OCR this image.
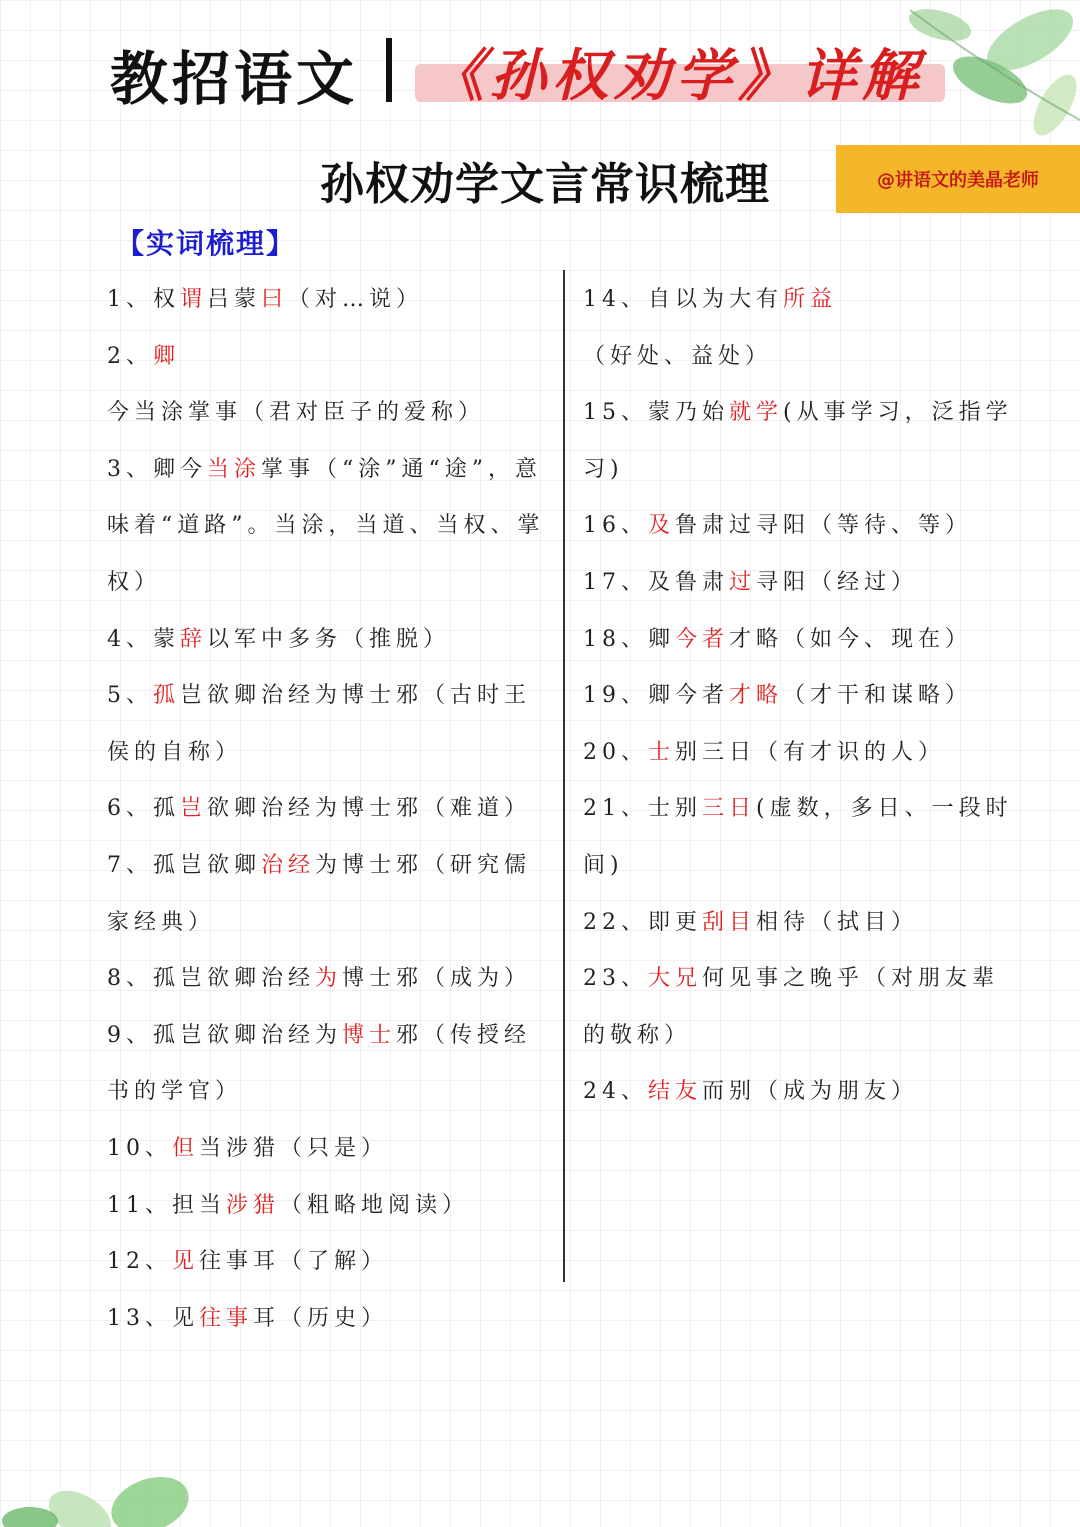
教招语文 《孙权劝学》详解
孙权劝学文言常识梳理	@讲语文的美晶老师
【实词梳理】

1、权谓吕蒙曰（对…说）

2、卿今当涂掌事（君对臣子的爱称）

3、卿今当涂掌事（“涂”通“途”，意味着“道路”。当涂，当道、当权、掌权）

4、蒙辞以军中多务（推脱）

5、孤岂欲卿治经为博士邪（古时王侯的自称）

6、孤岂欲卿治经为博士邪（难道）

7、孤岂欲卿治经为博士邪（研究儒家经典）

8、孤岂欲卿治经为博士邪（成为）

9、孤岂欲卿治经为博士邪（传授经书的学官）

10、但当涉猎（只是）

11、担当涉猎（粗略地阅读）

12、见往事耳（了解）

13、见往事耳（历史）

14、自以为大有所益（好处、益处）

15、蒙乃始就学(从事学习，泛指学习)

16、及鲁肃过寻阳（等待、等）

17、及鲁肃过寻阳（经过）

18、卿今者才略（如今、现在）

19、卿今者才略（才干和谋略）

20、士别三日（有才识的人）

21、士别三日(虚数，多日、一段时间)

22、即更刮目相待（拭目）

23、大兄何见事之晚乎（对朋友辈的敬称）

24、结友而别（成为朋友）
